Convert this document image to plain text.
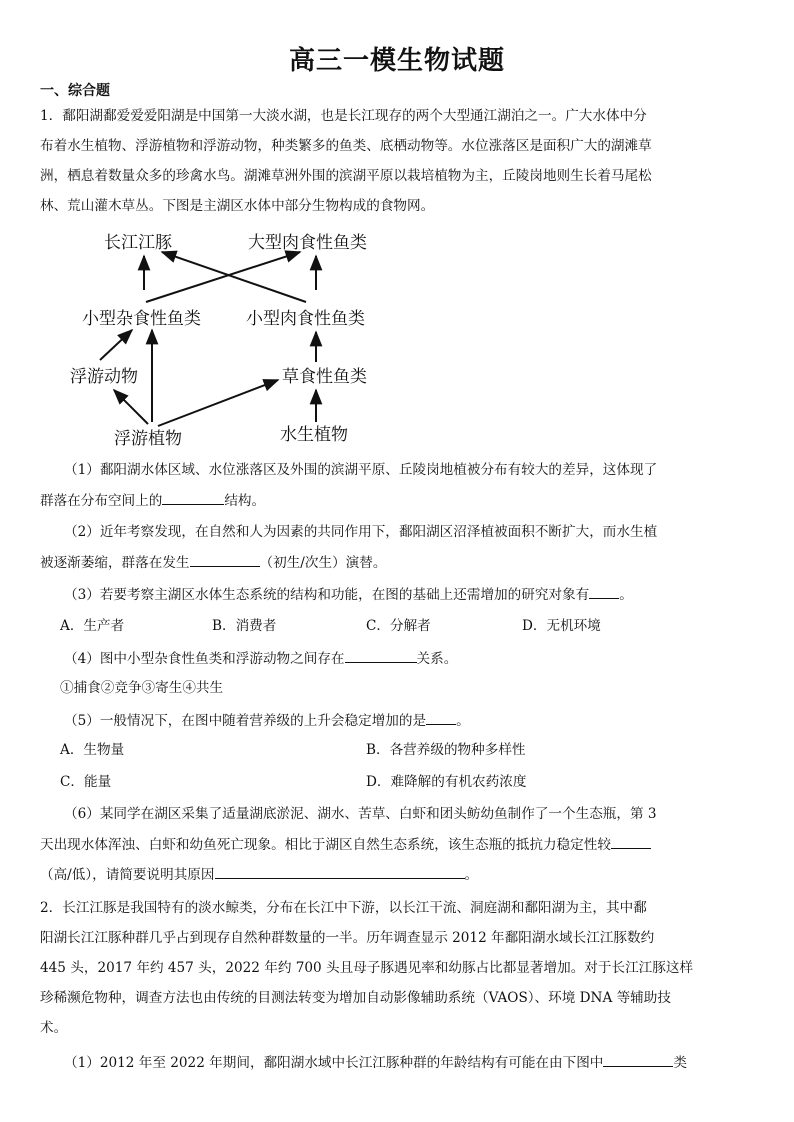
高三一模生物试题
一、综合题
1．鄱阳湖鄱爱爱爱阳湖是中国第一大淡水湖，也是长江现存的两个大型通江湖泊之一。广大水体中分
布着水生植物、浮游植物和浮游动物，种类繁多的鱼类、底栖动物等。水位涨落区是面积广大的湖滩草
洲，栖息着数量众多的珍禽水鸟。湖滩草洲外围的滨湖平原以栽培植物为主，丘陵岗地则生长着马尾松
林、荒山灌木草丛。下图是主湖区水体中部分生物构成的食物网。
长江江豚	大型肉食性鱼类
小型杂食性鱼类	小型肉食性鱼类
浮游动物	草食性鱼类
浮游植物	水生植物
（1）鄱阳湖水体区域、水位涨落区及外围的滨湖平原、丘陵岗地植被分布有较大的差异，这体现了
群落在分布空间上的	结构。
（2）近年考察发现，在自然和人为因素的共同作用下，鄱阳湖区沼泽植被面积不断扩大，而水生植
被逐渐萎缩，群落在发生	（初生/次生）演替。
（3）若要考察主湖区水体生态系统的结构和功能，在图的基础上还需增加的研究对象有 。
A．生产者	B．消费者	C．分解者	D．无机环境
（4）图中小型杂食性鱼类和浮游动物之间存在	关系。
①捕食②竞争③寄生④共生
（5）一般情况下，在图中随着营养级的上升会稳定增加的是 。
A．生物量	B．各营养级的物种多样性
C．能量	D．难降解的有机农药浓度
（6）某同学在湖区采集了适量湖底淤泥、湖水、苦草、白虾和团头鲂幼鱼制作了一个生态瓶，第 3
天出现水体浑浊、白虾和幼鱼死亡现象。相比于湖区自然生态系统，该生态瓶的抵抗力稳定性较
（高/低），请简要说明其原因	。
2．长江江豚是我国特有的淡水鲸类，分布在长江中下游，以长江干流、洞庭湖和鄱阳湖为主，其中鄱
阳湖长江江豚种群几乎占到现存自然种群数量的一半。历年调查显示 2012 年鄱阳湖水域长江江豚数约
445 头，2017 年约 457 头，2022 年约 700 头且母子豚遇见率和幼豚占比都显著增加。对于长江江豚这样
珍稀濒危物种，调查方法也由传统的目测法转变为增加自动影像辅助系统（VAOS）、环境 DNA 等辅助技
术。
（1）2012 年至 2022 年期间，鄱阳湖水域中长江江豚种群的年龄结构有可能在由下图中	类
